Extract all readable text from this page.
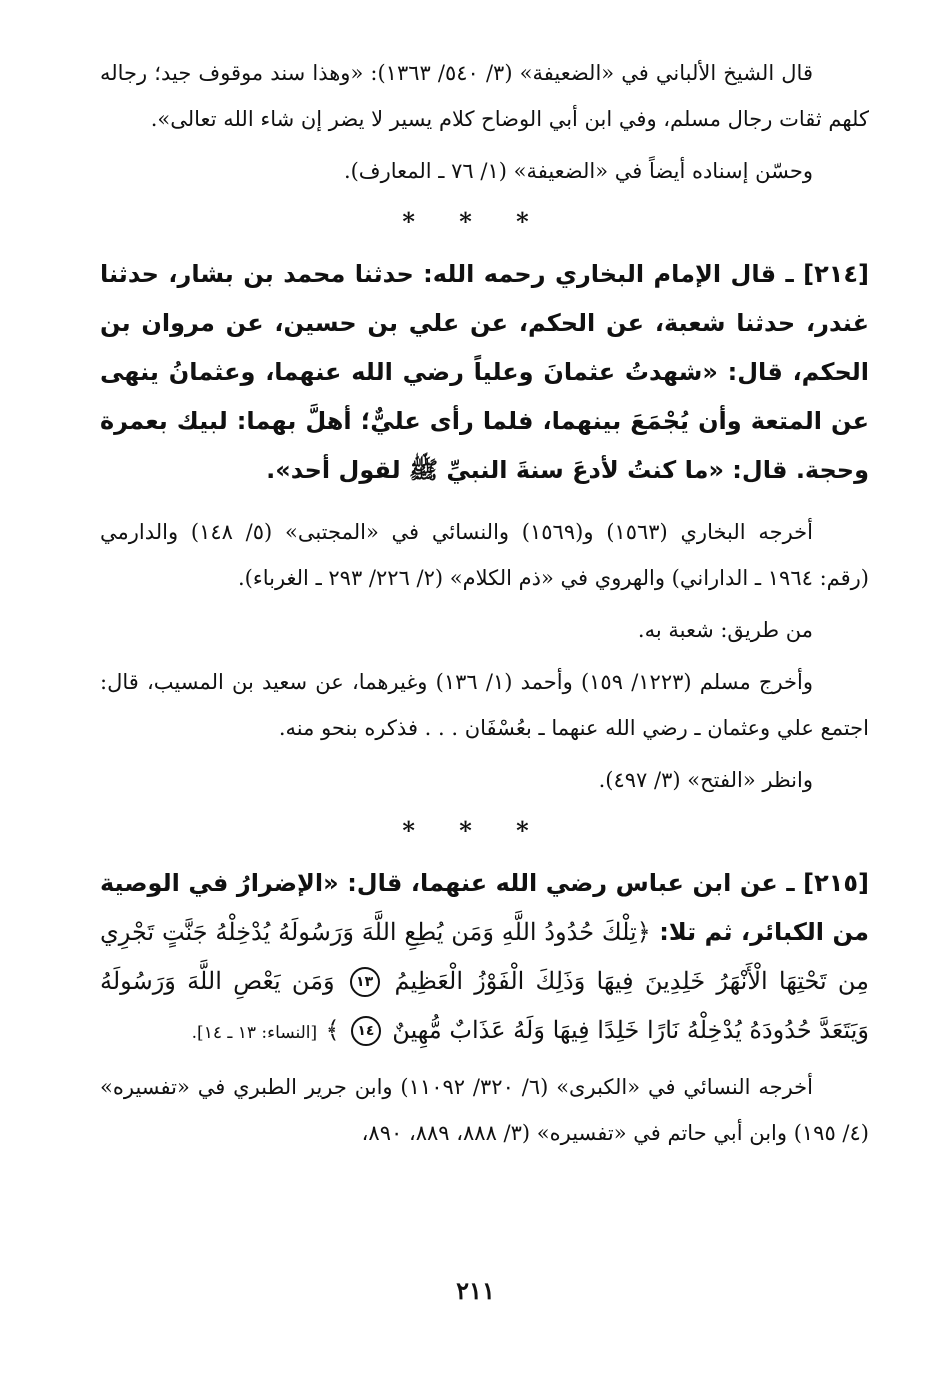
قال الشيخ الألباني في «الضعيفة» (٣/ ٥٤٠/ ١٣٦٣): «وهذا سند موقوف جيد؛ رجاله كلهم ثقات رجال مسلم، وفي ابن أبي الوضاح كلام يسير لا يضر إن شاء الله تعالى».

وحسّن إسناده أيضاً في «الضعيفة» (١/ ٧٦ ـ المعارف).

* * *

[٢١٤] ـ قال الإمام البخاري رحمه الله: حدثنا محمد بن بشار، حدثنا غندر، حدثنا شعبة، عن الحكم، عن علي بن حسين، عن مروان بن الحكم، قال: «شهدتُ عثمانَ وعلياً رضي الله عنهما، وعثمانُ ينهى عن المتعة وأن يُجْمَعَ بينهما، فلما رأى عليٌّ؛ أهلَّ بهما: لبيك بعمرة وحجة. قال: «ما كنتُ لأدعَ سنةَ النبيِّ ﷺ لقول أحد».

أخرجه البخاري (١٥٦٣) و(١٥٦٩) والنسائي في «المجتبى» (٥/ ١٤٨) والدارمي (رقم: ١٩٦٤ ـ الداراني) والهروي في «ذم الكلام» (٢/ ٢٢٦/ ٢٩٣ ـ الغرباء).

من طريق: شعبة به.

وأخرج مسلم (١٢٢٣/ ١٥٩) وأحمد (١/ ١٣٦) وغيرهما، عن سعيد بن المسيب، قال: اجتمع علي وعثمان ـ رضي الله عنهما ـ بعُسْفَان . . . فذكره بنحو منه.

وانظر «الفتح» (٣/ ٤٩٧).

* * *

[٢١٥] ـ عن ابن عباس رضي الله عنهما، قال: «الإضرارُ في الوصية من الكبائر، ثم تلا: ﴿تِلْكَ حُدُودُ اللَّهِ وَمَن يُطِعِ اللَّهَ وَرَسُولَهُ يُدْخِلْهُ جَنَّتٍ تَجْرِي مِن تَحْتِهَا الْأَنْهَرُ خَلِدِينَ فِيهَا وَذَلِكَ الْفَوْزُ الْعَظِيمُ ١٣ وَمَن يَعْصِ اللَّهَ وَرَسُولَهُ وَيَتَعَدَّ حُدُودَهُ يُدْخِلْهُ نَارًا خَلِدًا فِيهَا وَلَهُ عَذَابٌ مُّهِينٌ ١٤ ﴾ [النساء: ١٣ ـ ١٤].

أخرجه النسائي في «الكبرى» (٦/ ٣٢٠/ ١١٠٩٢) وابن جرير الطبري في «تفسيره» (٤/ ١٩٥) وابن أبي حاتم في «تفسيره» (٣/ ٨٨٨، ٨٨٩، ٨٩٠،

٢١١
